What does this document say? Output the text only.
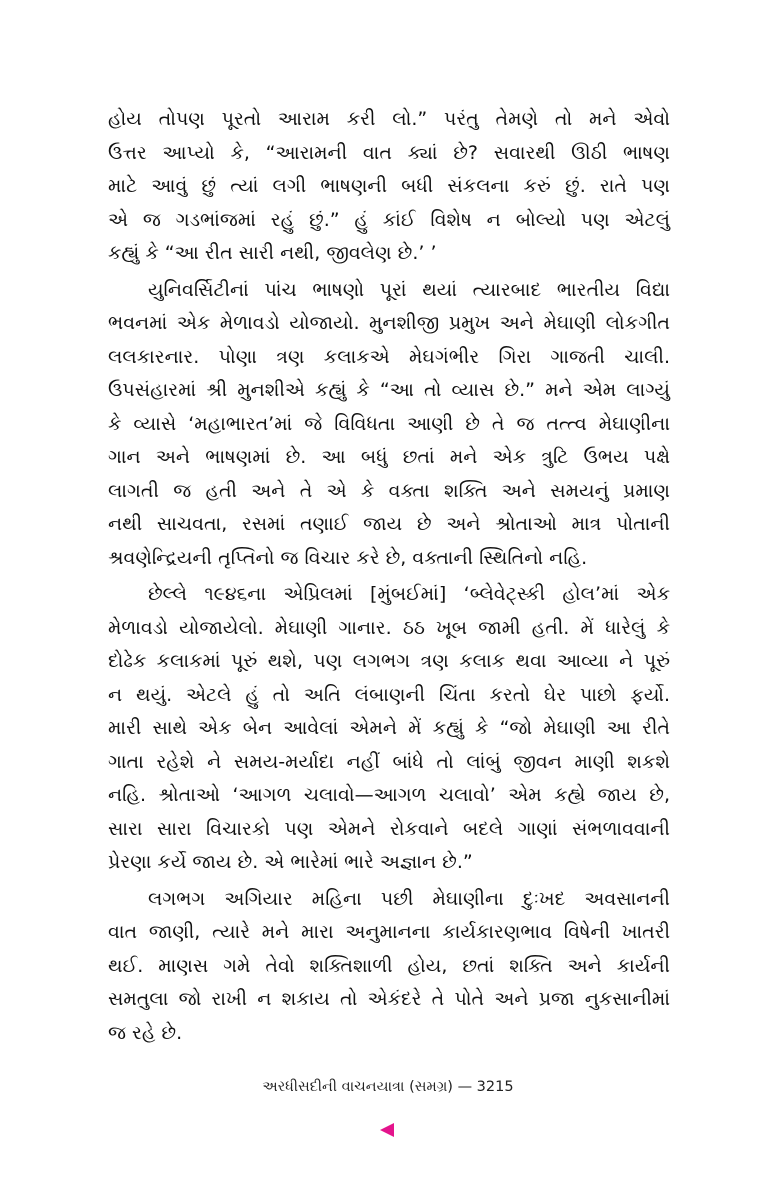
હોય તોપણ પૂરતો આરામ કરી લો.” પરંતુ તેમણે તો મને એવો
ઉત્તર આપ્યો કે, “આરામની વાત ક્યાં છે? સવારથી ઊઠી ભાષણ
માટે આવું છું ત્યાં લગી ભાષણની બધી સંકલના કરું છું. રાતે પણ
એ જ ગડભાંજમાં રહું છું.” હું કાંઈ વિશેષ ન બોલ્યો પણ એટલું
કહ્યું કે “આ રીત સારી નથી, જીવલેણ છે.’ ’

યુનિવર્સિટીનાં પાંચ ભાષણો પૂરાં થયાં ત્યારબાદ ભારતીય વિદ્યા
ભવનમાં એક મેળાવડો યોજાયો. મુનશીજી પ્રમુખ અને મેઘાણી લોકગીત
લલકારનાર. પોણા ત્રણ કલાકએ મેઘગંભીર ગિરા ગાજતી ચાલી.
ઉપસંહારમાં શ્રી મુનશીએ કહ્યું કે “આ તો વ્યાસ છે.” મને એમ લાગ્યું
કે વ્યાસે ‘મહાભારત’માં જે વિવિધતા આણી છે તે જ તત્ત્વ મેઘાણીના
ગાન અને ભાષણમાં છે. આ બધું છતાં મને એક ત્રુટિ ઉભય પક્ષે
લાગતી જ હતી અને તે એ કે વક્તા શક્તિ અને સમયનું પ્રમાણ
નથી સાચવતા, રસમાં તણાઈ જાય છે અને શ્રોતાઓ માત્ર પોતાની
શ્રવણેન્દ્રિયની તૃપ્તિનો જ વિચાર કરે છે, વક્તાની સ્થિતિનો નહિ.

છેલ્લે ૧૯૪૬ના એપ્રિલમાં [મુંબઈમાં] ‘બ્લેવેટ્સ્કી હોલ’માં એક
મેળાવડો યોજાયેલો. મેઘાણી ગાનાર. ઠઠ ખૂબ જામી હતી. મેં ધારેલું કે
દોઢેક કલાકમાં પૂરું થશે, પણ લગભગ ત્રણ કલાક થવા આવ્યા ને પૂરું
ન થયું. એટલે હું તો અતિ લંબાણની ચિંતા કરતો ઘેર પાછો ફર્યો.
મારી સાથે એક બેન આવેલાં એમને મેં કહ્યું કે “જો મેઘાણી આ રીતે
ગાતા રહેશે ને સમય-મર્યાદા નહીં બાંધે તો લાંબું જીવન માણી શકશે
નહિ. શ્રોતાઓ ‘આગળ ચલાવો—આગળ ચલાવો’ એમ કહ્યે જાય છે,
સારા સારા વિચારકો પણ એમને રોકવાને બદલે ગાણાં સંભળાવવાની
પ્રેરણા કર્યે જાય છે. એ ભારેમાં ભારે અજ્ઞાન છે.”

લગભગ અગિયાર મહિના પછી મેઘાણીના દુઃખદ અવસાનની
વાત જાણી, ત્યારે મને મારા અનુમાનના કાર્યકારણભાવ વિષેની ખાતરી
થઈ. માણસ ગમે તેવો શક્તિશાળી હોય, છતાં શક્તિ અને કાર્યની
સમતુલા જો રાખી ન શકાય તો એકંદરે તે પોતે અને પ્રજા નુકસાનીમાં
જ રહે છે.

અરધીસદીની વાચનયાત્રા (સમગ્ર) — 3215
